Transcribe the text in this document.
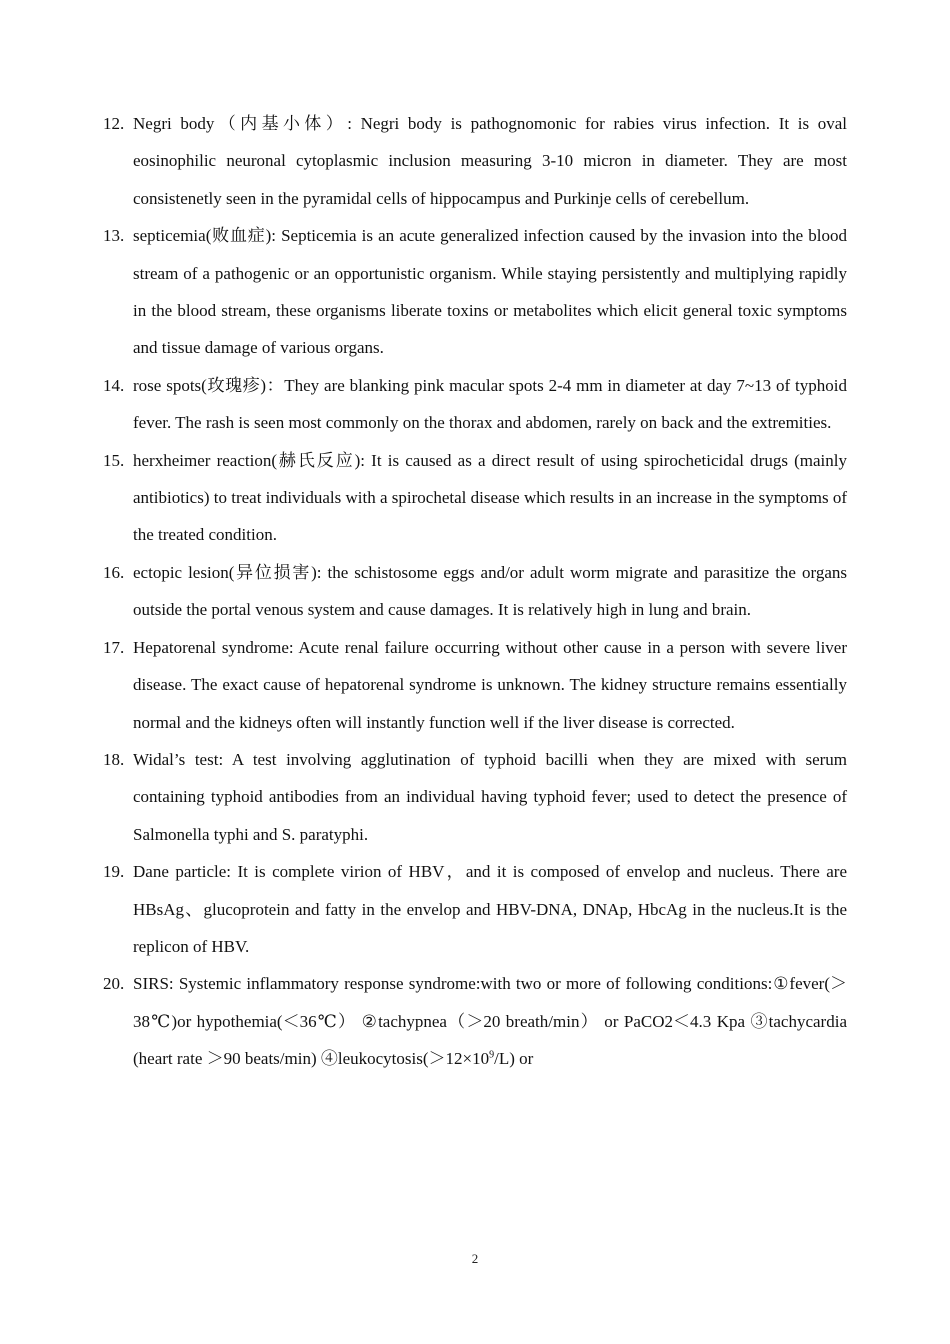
12. Negri body（内基小体）: Negri body is pathognomonic for rabies virus infection. It is oval eosinophilic neuronal cytoplasmic inclusion measuring 3-10 micron in diameter. They are most consistenetly seen in the pyramidal cells of hippocampus and Purkinje cells of cerebellum.
13. septicemia(败血症): Septicemia is an acute generalized infection caused by the invasion into the blood stream of a pathogenic or an opportunistic organism. While staying persistently and multiplying rapidly in the blood stream, these organisms liberate toxins or metabolites which elicit general toxic symptoms and tissue damage of various organs.
14. rose spots(玫瑰疹)：They are blanking pink macular spots 2-4 mm in diameter at day 7~13 of typhoid fever. The rash is seen most commonly on the thorax and abdomen, rarely on back and the extremities.
15. herxheimer reaction(赫氏反应): It is caused as a direct result of using spirocheticidal drugs (mainly antibiotics) to treat individuals with a spirochetal disease which results in an increase in the symptoms of the treated condition.
16. ectopic lesion(异位损害): the schistosome eggs and/or adult worm migrate and parasitize the organs outside the portal venous system and cause damages. It is relatively high in lung and brain.
17. Hepatorenal syndrome: Acute renal failure occurring without other cause in a person with severe liver disease. The exact cause of hepatorenal syndrome is unknown. The kidney structure remains essentially normal and the kidneys often will instantly function well if the liver disease is corrected.
18. Widal’s test: A test involving agglutination of typhoid bacilli when they are mixed with serum containing typhoid antibodies from an individual having typhoid fever; used to detect the presence of Salmonella typhi and S. paratyphi.
19. Dane particle: It is complete virion of HBV，and it is composed of envelop and nucleus. There are HBsAg、glucoprotein and fatty in the envelop and HBV-DNA, DNAp, HbcAg in the nucleus.It is the replicon of HBV.
20. SIRS: Systemic inflammatory response syndrome:with two or more of following conditions:①fever(＞38℃)or hypothemia(＜36℃） ②tachypnea（＞20 breath/min） or PaCO2＜4.3 Kpa ③tachycardia (heart rate ＞90 beats/min) $④leukocytosis(>12\times 10^9/L)$ or
2
